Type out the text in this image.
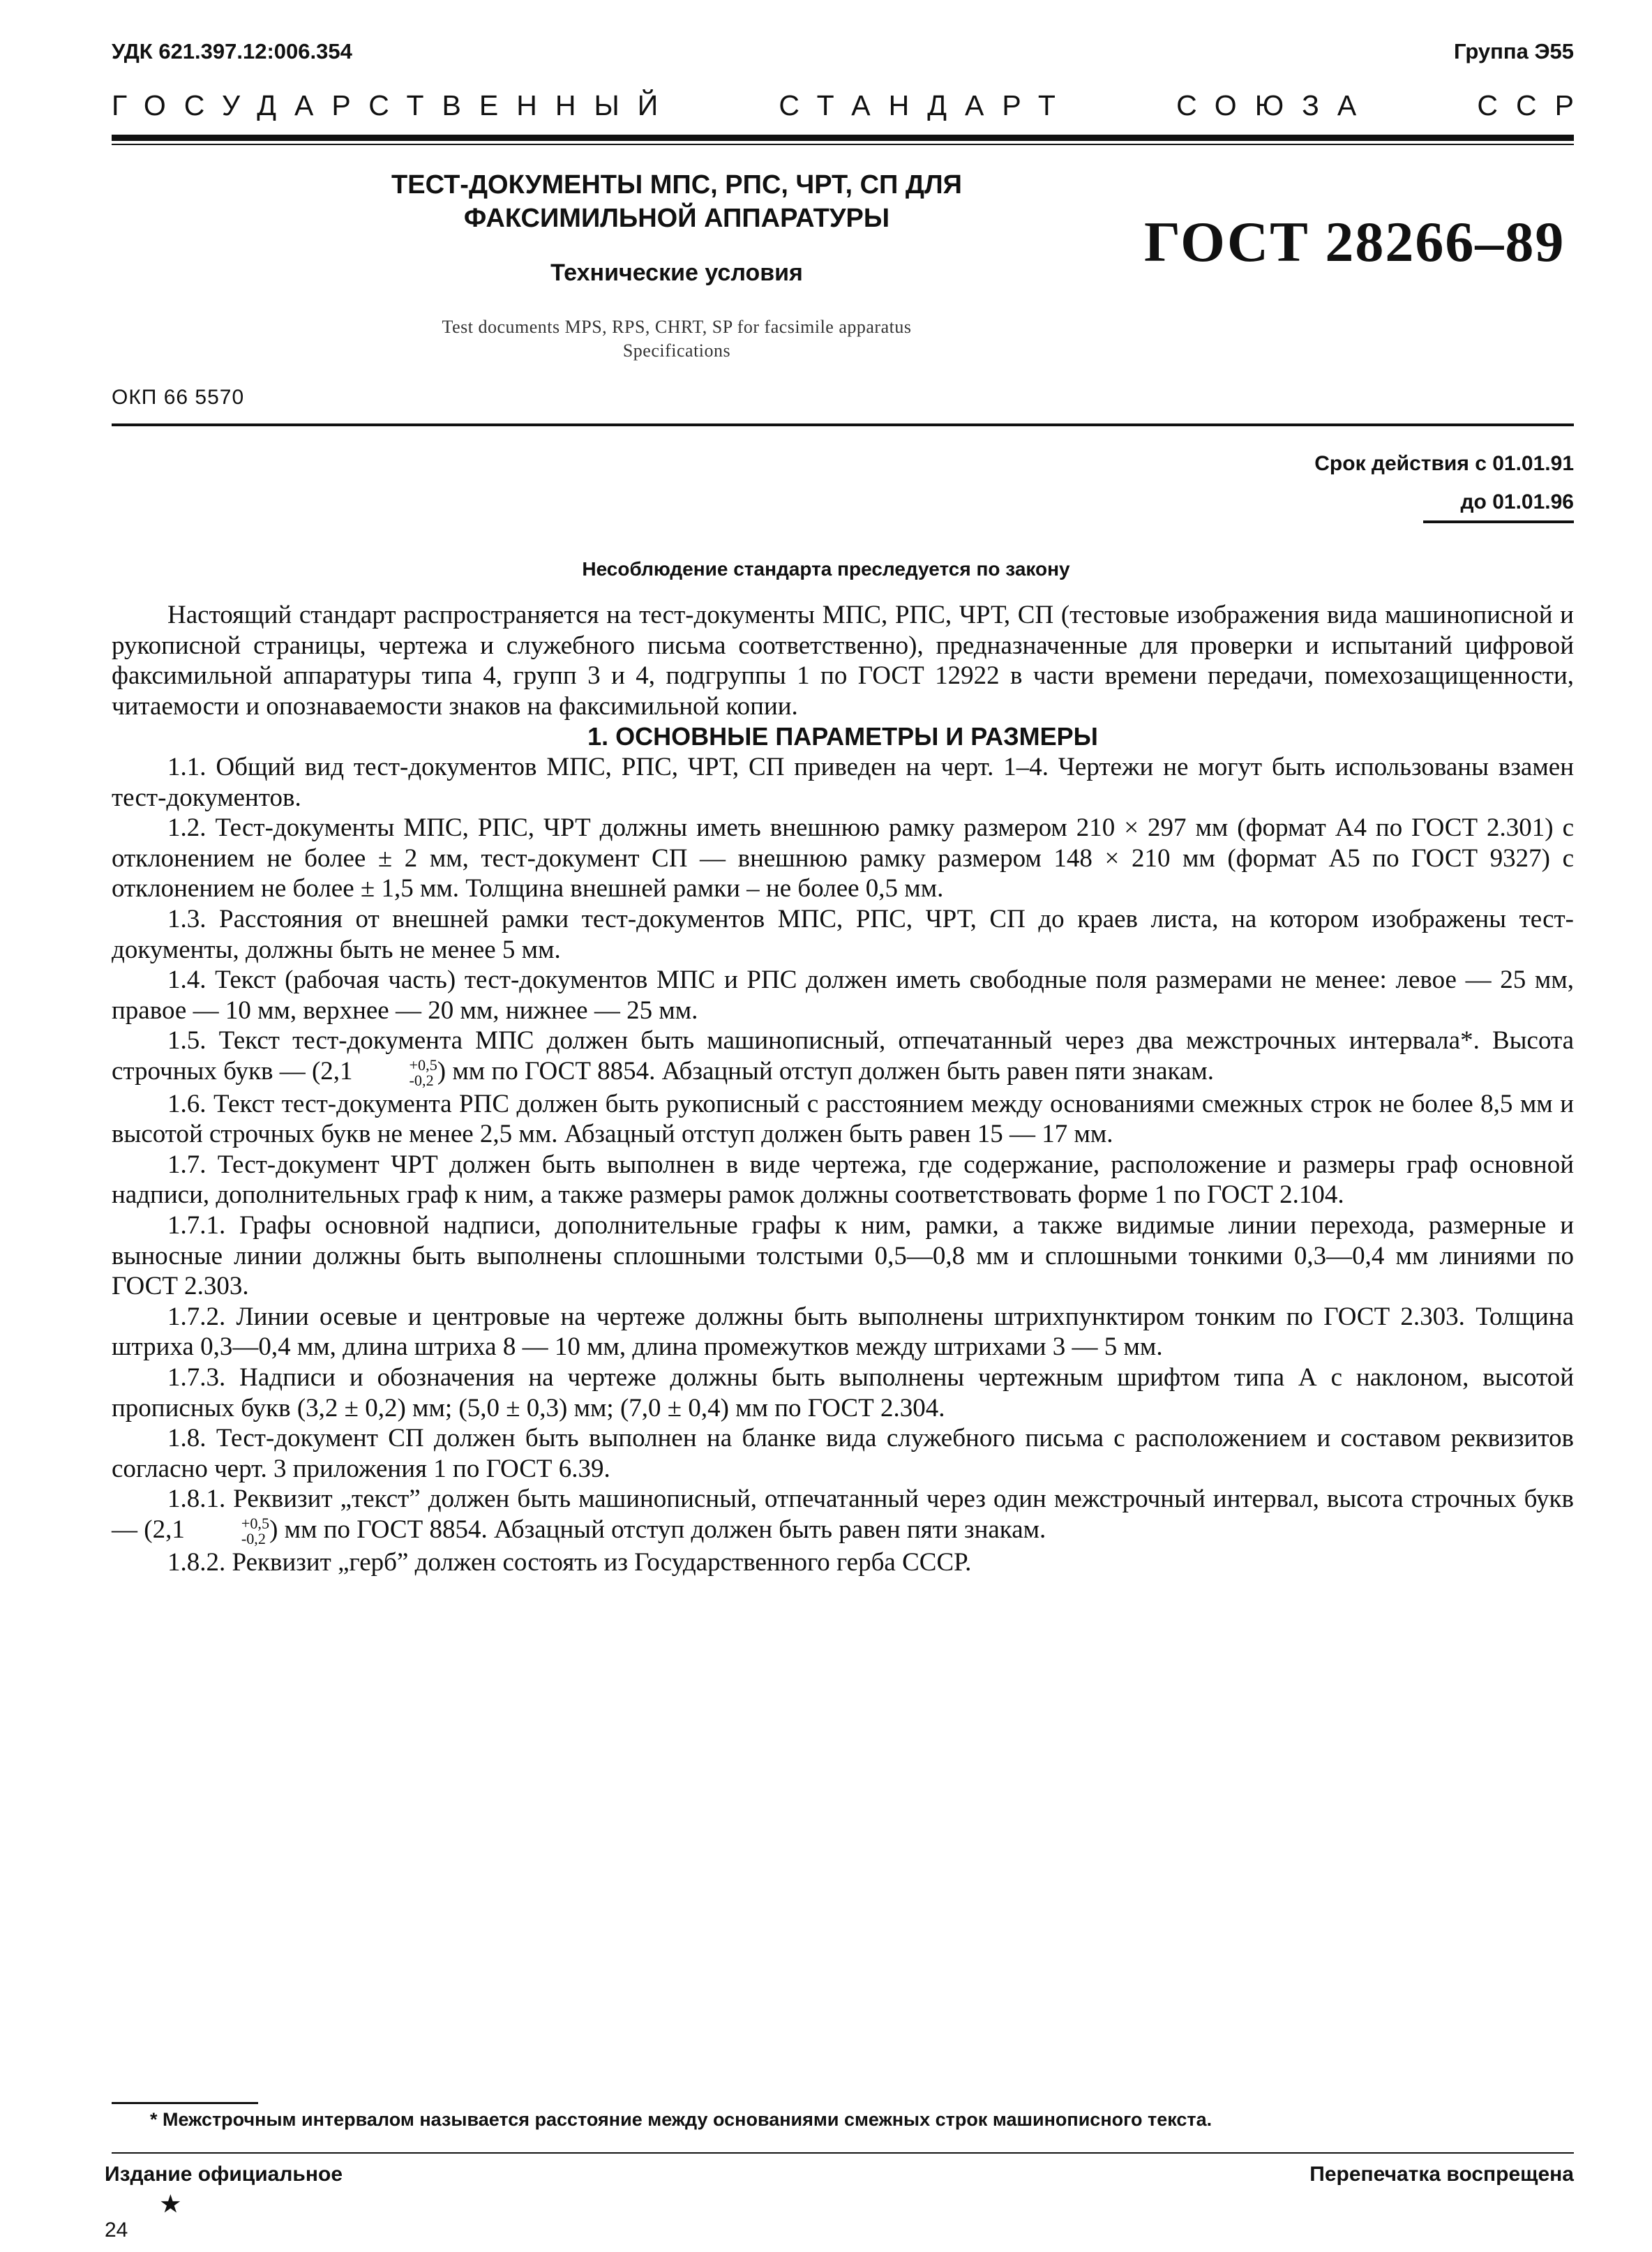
УДК 621.397.12:006.354	Группа Э55
ГОСУДАРСТВЕННЫЙ	СТАНДАРТ	СОЮЗА	ССР
ТЕСТ-ДОКУМЕНТЫ МПС, РПС, ЧРТ, СП ДЛЯ
ФАКСИМИЛЬНОЙ АППАРАТУРЫ	ГОСТ 28266–89
Технические условия
Test documents MPS, RPS, CHRT, SP for facsimile apparatus
Specifications
ОКП 66 5570
Срок действия с 01.01.91
до 01.01.96
Несоблюдение стандарта преследуется по закону

Настоящий стандарт распространяется на тест-документы МПС, РПС, ЧРТ, СП (тестовые изображения вида машинописной и рукописной страницы, чертежа и служебного письма соответственно), предназначенные для проверки и испытаний цифровой факсимильной аппаратуры типа 4, групп 3 и 4, подгруппы 1 по ГОСТ 12922 в части времени передачи, помехозащищенности, читаемости и опознаваемости знаков на факсимильной копии.

1. ОСНОВНЫЕ ПАРАМЕТРЫ И РАЗМЕРЫ

1.1. Общий вид тест-документов МПС, РПС, ЧРТ, СП приведен на черт. 1–4. Чертежи не могут быть использованы взамен тест-документов.

1.2. Тест-документы МПС, РПС, ЧРТ должны иметь внешнюю рамку размером 210 × 297 мм (формат А4 по ГОСТ 2.301) с отклонением не более ± 2 мм, тест-документ СП — внешнюю рамку размером 148 × 210 мм (формат А5 по ГОСТ 9327) с отклонением не более ± 1,5 мм. Толщина внешней рамки – не более 0,5 мм.

1.3. Расстояния от внешней рамки тест-документов МПС, РПС, ЧРТ, СП до краев листа, на котором изображены тест-документы, должны быть не менее 5 мм.

1.4. Текст (рабочая часть) тест-документов МПС и РПС должен иметь свободные поля размерами не менее: левое — 25 мм, правое — 10 мм, верхнее — 20 мм, нижнее — 25 мм.

1.5. Текст тест-документа МПС должен быть машинописный, отпечатанный через два межстрочных интервала*. Высота строчных букв — (2,1	+0,5
-0,2 ) мм по ГОСТ 8854. Абзацный отступ должен быть равен пяти знакам.

1.6. Текст тест-документа РПС должен быть рукописный с расстоянием между основаниями смежных строк не более 8,5 мм и высотой строчных букв не менее 2,5 мм. Абзацный отступ должен быть равен 15 — 17 мм.

1.7. Тест-документ ЧРТ должен быть выполнен в виде чертежа, где содержание, расположение и размеры граф основной надписи, дополнительных граф к ним, а также размеры рамок должны соответствовать форме 1 по ГОСТ 2.104.

1.7.1. Графы основной надписи, дополнительные графы к ним, рамки, а также видимые линии перехода, размерные и выносные линии должны быть выполнены сплошными толстыми 0,5—0,8 мм и сплошными тонкими 0,3—0,4 мм линиями по ГОСТ 2.303.

1.7.2. Линии осевые и центровые на чертеже должны быть выполнены штрихпунктиром тонким по ГОСТ 2.303. Толщина штриха 0,3—0,4 мм, длина штриха 8 — 10 мм, длина промежутков между штрихами 3 — 5 мм.

1.7.3. Надписи и обозначения на чертеже должны быть выполнены чертежным шрифтом типа А с наклоном, высотой прописных букв (3,2 ± 0,2) мм; (5,0 ± 0,3) мм; (7,0 ± 0,4) мм по ГОСТ 2.304.

1.8. Тест-документ СП должен быть выполнен на бланке вида служебного письма с расположением и составом реквизитов согласно черт. 3 приложения 1 по ГОСТ 6.39.

1.8.1. Реквизит „текст” должен быть машинописный, отпечатанный через один межстрочный интервал, высота строчных букв — (2,1	+0,5
-0,2 ) мм по ГОСТ 8854. Абзацный отступ должен быть равен пяти знакам.

1.8.2. Реквизит „герб” должен состоять из Государственного герба СССР.

* Межстрочным интервалом называется расстояние между основаниями смежных строк машинописного текста.
Издание официальное	Перепечатка воспрещена
★
24
